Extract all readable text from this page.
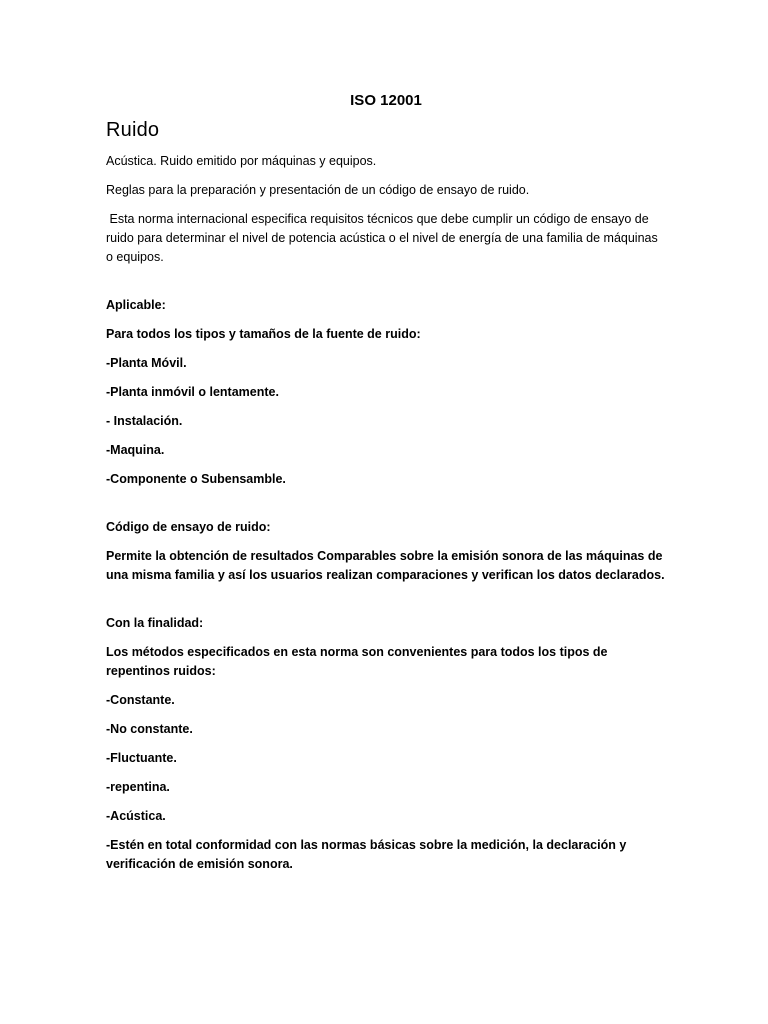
ISO 12001
Ruido

Acústica. Ruido emitido por máquinas y equipos.

Reglas para la preparación y presentación de un código de ensayo de ruido.

Esta norma internacional especifica requisitos técnicos que debe cumplir un código de ensayo de ruido para determinar el nivel de potencia acústica o el nivel de energía de una familia de máquinas o equipos.

Aplicable:

Para todos los tipos y tamaños de la fuente de ruido:

-Planta Móvil.

-Planta inmóvil o lentamente.

- Instalación.

-Maquina.

-Componente o Subensamble.

Código de ensayo de ruido:

Permite la obtención de resultados Comparables sobre la emisión sonora de las máquinas de una misma familia y así los usuarios realizan comparaciones y verifican los datos declarados.

Con la finalidad:

Los métodos especificados en esta norma son convenientes para todos los tipos de repentinos ruidos:

-Constante.

-No constante.

-Fluctuante.

-repentina.

-Acústica.

-Estén en total conformidad con las normas básicas sobre la medición, la declaración y verificación de emisión sonora.
